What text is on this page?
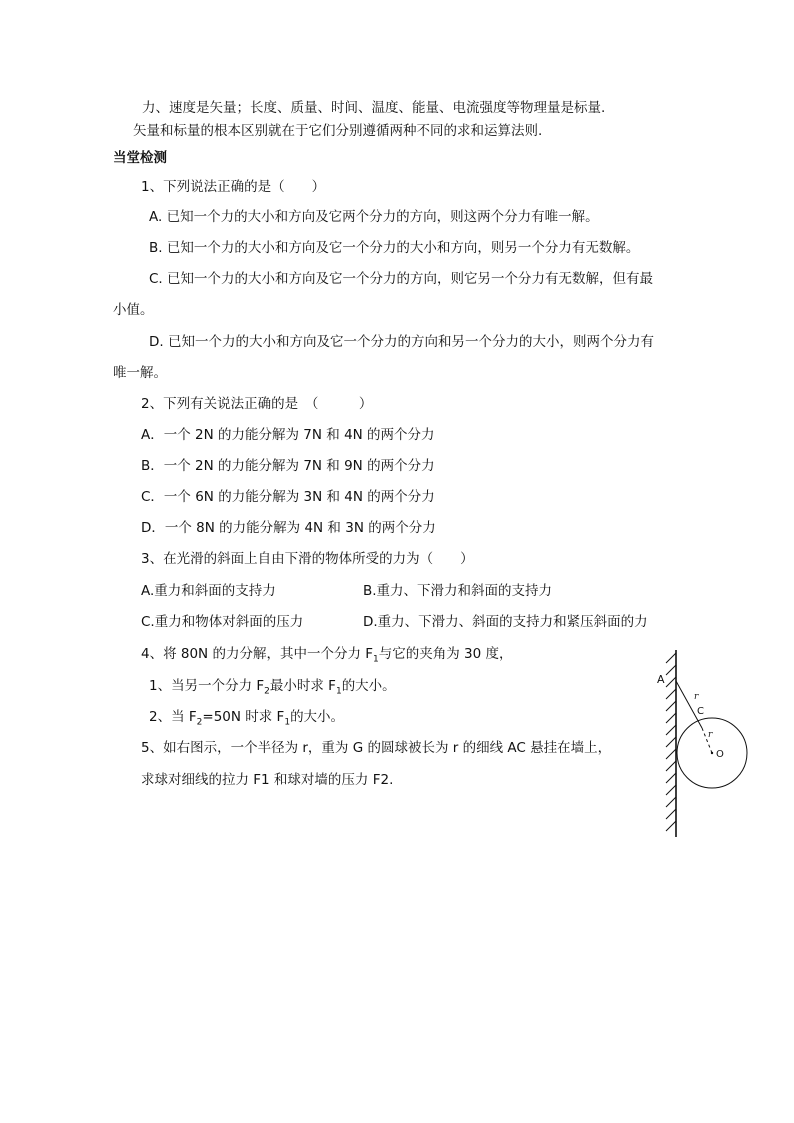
力、速度是矢量；长度、质量、时间、温度、能量、电流强度等物理量是标量.
矢量和标量的根本区别就在于它们分别遵循两种不同的求和运算法则.
当堂检测
1、下列说法正确的是（　　）
A. 已知一个力的大小和方向及它两个分力的方向，则这两个分力有唯一解。
B. 已知一个力的大小和方向及它一个分力的大小和方向，则另一个分力有无数解。
C. 已知一个力的大小和方向及它一个分力的方向，则它另一个分力有无数解，但有最
小值。
D. 已知一个力的大小和方向及它一个分力的方向和另一个分力的大小，则两个分力有
唯一解。
2、下列有关说法正确的是　（　　　）
A．一个 2N 的力能分解为 7N 和 4N 的两个分力
B．一个 2N 的力能分解为 7N 和 9N 的两个分力
C．一个 6N 的力能分解为 3N 和 4N 的两个分力
D．一个 8N 的力能分解为 4N 和 3N 的两个分力
3、在光滑的斜面上自由下滑的物体所受的力为（　　）
A.重力和斜面的支持力	B.重力、下滑力和斜面的支持力
C.重力和物体对斜面的压力	D.重力、下滑力、斜面的支持力和紧压斜面的力
4、将 80N 的力分解，其中一个分力 $F_1$与它的夹角为 30 度，
1、当另一个分力 $F_2$最小时求 $F_1$的大小。
2、当 $F_2=50N$ 时求 $F_1$的大小。
5、如右图示，一个半径为 r，重为 G 的圆球被长为 r 的细线 AC 悬挂在墙上，
求球对细线的拉力 F1 和球对墙的压力 F2.
A
r
C
r
O
